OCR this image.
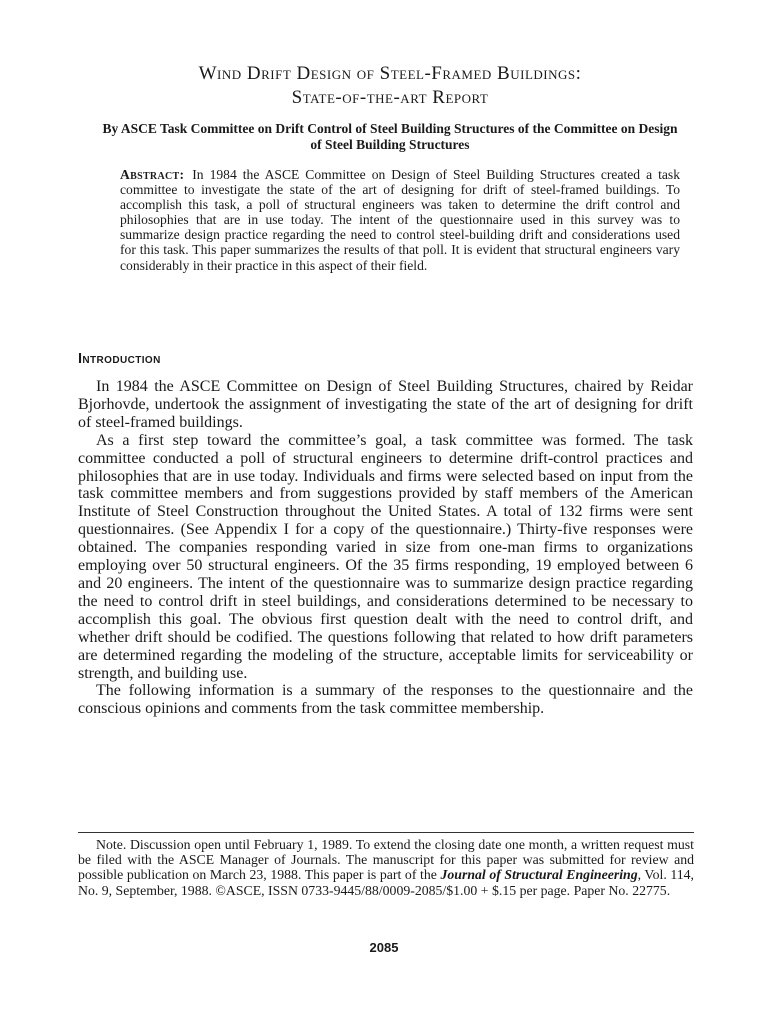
Wind Drift Design of Steel-Framed Buildings:
State-of-the-art Report

By ASCE Task Committee on Drift Control of Steel Building Structures of the Committee on Design of Steel Building Structures

Abstract: In 1984 the ASCE Committee on Design of Steel Building Structures created a task committee to investigate the state of the art of designing for drift of steel-framed buildings. To accomplish this task, a poll of structural engineers was taken to determine the drift control and philosophies that are in use today. The intent of the questionnaire used in this survey was to summarize design practice regarding the need to control steel-building drift and considerations used for this task. This paper summarizes the results of that poll. It is evident that structural engineers vary considerably in their practice in this aspect of their field.

Introduction

In 1984 the ASCE Committee on Design of Steel Building Structures, chaired by Reidar Bjorhovde, undertook the assignment of investigating the state of the art of designing for drift of steel-framed buildings.

As a first step toward the committee’s goal, a task committee was formed. The task committee conducted a poll of structural engineers to determine drift-control practices and philosophies that are in use today. Individuals and firms were selected based on input from the task committee members and from suggestions provided by staff members of the American Institute of Steel Construction throughout the United States. A total of 132 firms were sent questionnaires. (See Appendix I for a copy of the questionnaire.) Thirty-five responses were obtained. The companies responding varied in size from one-man firms to organizations employing over 50 structural engineers. Of the 35 firms responding, 19 employed between 6 and 20 engineers. The intent of the questionnaire was to summarize design practice regarding the need to control drift in steel buildings, and considerations determined to be necessary to accomplish this goal. The obvious first question dealt with the need to control drift, and whether drift should be codified. The questions following that related to how drift parameters are determined regarding the modeling of the structure, acceptable limits for serviceability or strength, and building use.

The following information is a summary of the responses to the questionnaire and the conscious opinions and comments from the task committee membership.

Note. Discussion open until February 1, 1989. To extend the closing date one month, a written request must be filed with the ASCE Manager of Journals. The manuscript for this paper was submitted for review and possible publication on March 23, 1988. This paper is part of the Journal of Structural Engineering, Vol. 114, No. 9, September, 1988. ©ASCE, ISSN 0733-9445/88/0009-2085/$1.00 + $.15 per page. Paper No. 22775.

2085
